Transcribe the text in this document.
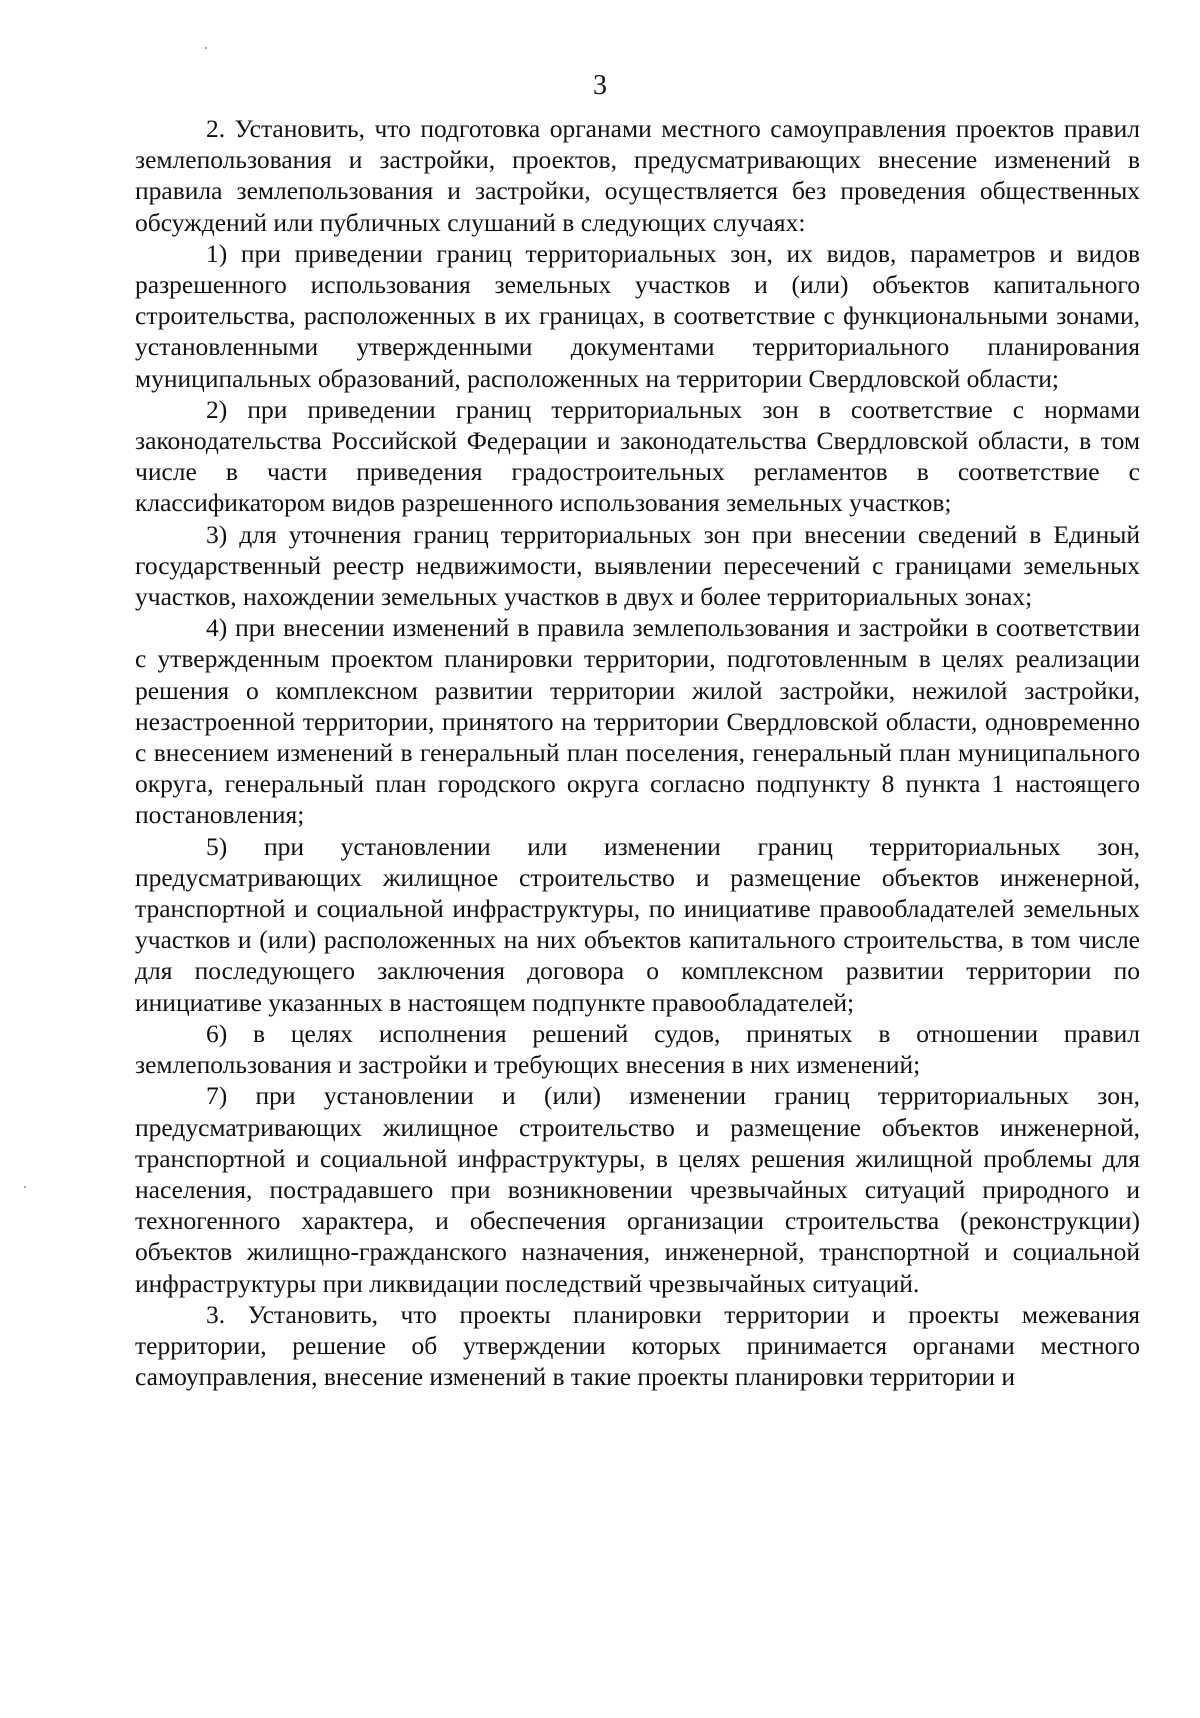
3

2. Установить, что подготовка органами местного самоуправления проектов правил землепользования и застройки, проектов, предусматривающих внесение изменений в правила землепользования и застройки, осуществляется без проведения общественных обсуждений или публичных слушаний в следующих случаях:

1) при приведении границ территориальных зон, их видов, параметров и видов разрешенного использования земельных участков и (или) объектов капитального строительства, расположенных в их границах, в соответствие с функциональными зонами, установленными утвержденными документами территориального планирования муниципальных образований, расположенных на территории Свердловской области;

2) при приведении границ территориальных зон в соответствие с нормами законодательства Российской Федерации и законодательства Свердловской области, в том числе в части приведения градостроительных регламентов в соответствие с классификатором видов разрешенного использования земельных участков;

3) для уточнения границ территориальных зон при внесении сведений в Единый государственный реестр недвижимости, выявлении пересечений с границами земельных участков, нахождении земельных участков в двух и более территориальных зонах;

4) при внесении изменений в правила землепользования и застройки в соответствии с утвержденным проектом планировки территории, подготовленным в целях реализации решения о комплексном развитии территории жилой застройки, нежилой застройки, незастроенной территории, принятого на территории Свердловской области, одновременно с внесением изменений в генеральный план поселения, генеральный план муниципального округа, генеральный план городского округа согласно подпункту 8 пункта 1 настоящего постановления;

5) при установлении или изменении границ территориальных зон, предусматривающих жилищное строительство и размещение объектов инженерной, транспортной и социальной инфраструктуры, по инициативе правообладателей земельных участков и (или) расположенных на них объектов капитального строительства, в том числе для последующего заключения договора о комплексном развитии территории по инициативе указанных в настоящем подпункте правообладателей;

6) в целях исполнения решений судов, принятых в отношении правил землепользования и застройки и требующих внесения в них изменений;

7) при установлении и (или) изменении границ территориальных зон, предусматривающих жилищное строительство и размещение объектов инженерной, транспортной и социальной инфраструктуры, в целях решения жилищной проблемы для населения, пострадавшего при возникновении чрезвычайных ситуаций природного и техногенного характера, и обеспечения организации строительства (реконструкции) объектов жилищно-гражданского назначения, инженерной, транспортной и социальной инфраструктуры при ликвидации последствий чрезвычайных ситуаций.

3. Установить, что проекты планировки территории и проекты межевания территории, решение об утверждении которых принимается органами местного самоуправления, внесение изменений в такие проекты планировки территории и
